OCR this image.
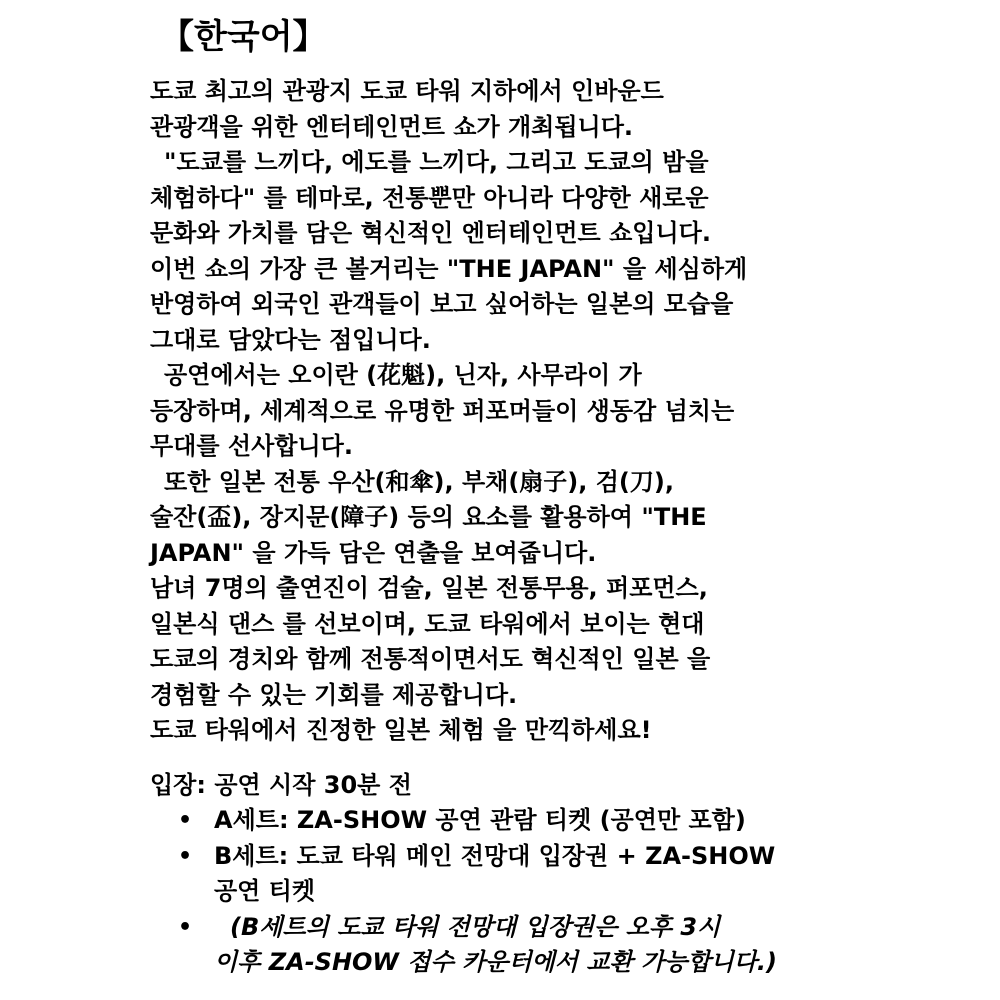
【한국어】
도쿄 최고의 관광지 도쿄 타워 지하에서 인바운드
관광객을 위한 엔터테인먼트 쇼가 개최됩니다.
"도쿄를 느끼다, 에도를 느끼다, 그리고 도쿄의 밤을
체험하다" 를 테마로, 전통뿐만 아니라 다양한 새로운
문화와 가치를 담은 혁신적인 엔터테인먼트 쇼입니다.
이번 쇼의 가장 큰 볼거리는 "THE JAPAN" 을 세심하게
반영하여 외국인 관객들이 보고 싶어하는 일본의 모습을
그대로 담았다는 점입니다.
공연에서는 오이란 (花魁), 닌자, 사무라이 가
등장하며, 세계적으로 유명한 퍼포머들이 생동감 넘치는
무대를 선사합니다.
또한 일본 전통 우산(和傘), 부채(扇子), 검(刀),
술잔(盃), 장지문(障子) 등의 요소를 활용하여 "THE
JAPAN" 을 가득 담은 연출을 보여줍니다.
남녀 7명의 출연진이 검술, 일본 전통무용, 퍼포먼스,
일본식 댄스 를 선보이며, 도쿄 타워에서 보이는 현대
도쿄의 경치와 함께 전통적이면서도 혁신적인 일본 을
경험할 수 있는 기회를 제공합니다.
도쿄 타워에서 진정한 일본 체험 을 만끽하세요!
입장: 공연 시작 30분 전
• A세트: ZA-SHOW 공연 관람 티켓 (공연만 포함)
• B세트: 도쿄 타워 메인 전망대 입장권 + ZA-SHOW
공연 티켓
• (B세트의 도쿄 타워 전망대 입장권은 오후 3시
이후 ZA-SHOW 접수 카운터에서 교환 가능합니다.)
